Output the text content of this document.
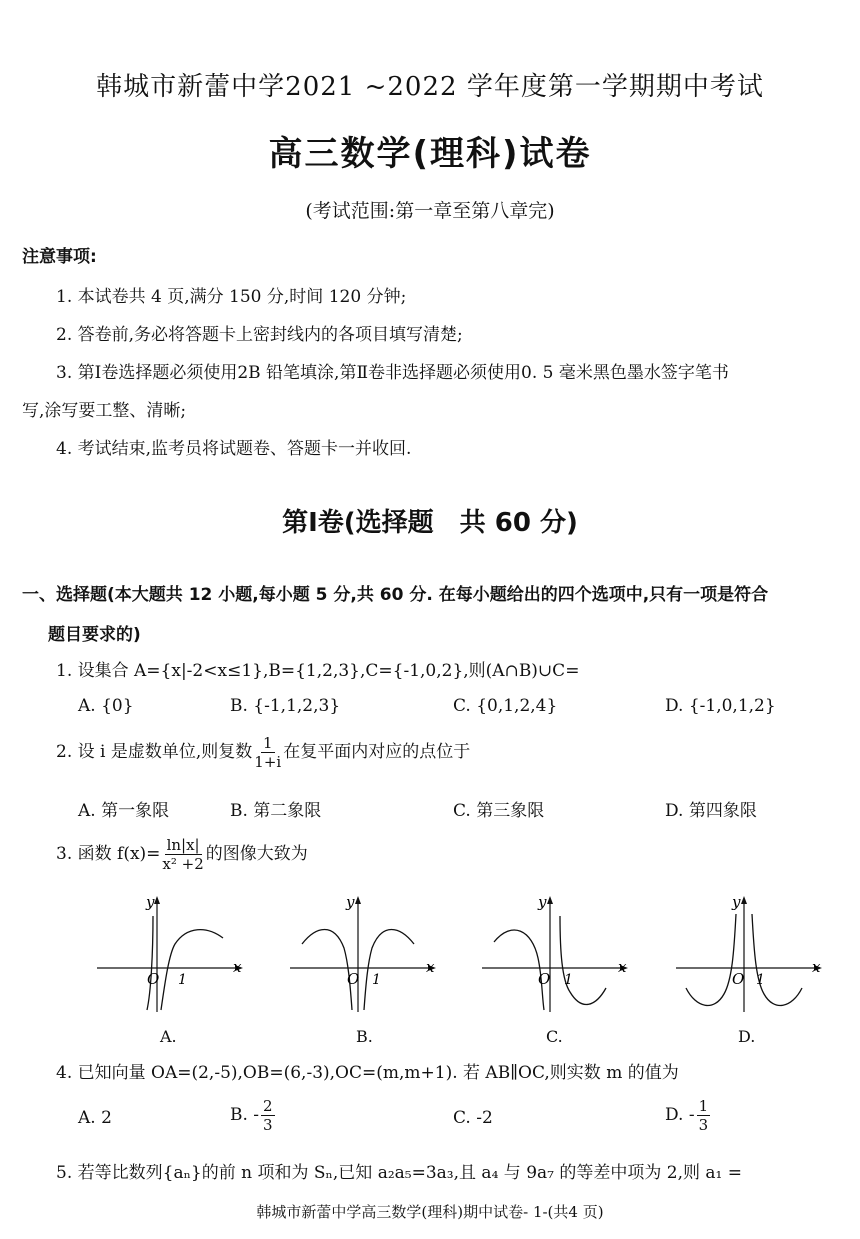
韩城市新蕾中学2021 ~2022 学年度第一学期期中考试
高三数学(理科)试卷
(考试范围:第一章至第八章完)
注意事项:
1. 本试卷共 4 页,满分 150 分,时间 120 分钟;
2. 答卷前,务必将答题卡上密封线内的各项目填写清楚;
3. 第Ⅰ卷选择题必须使用2B 铅笔填涂,第Ⅱ卷非选择题必须使用0. 5 毫米黑色墨水签字笔书
写,涂写要工整、清晰;
4. 考试结束,监考员将试题卷、答题卡一并收回.
第Ⅰ卷(选择题　共 60 分)
一、选择题(本大题共 12 小题,每小题 5 分,共 60 分. 在每小题给出的四个选项中,只有一项是符合
题目要求的)
1. 设集合 A={x|-2<x≤1},B={1,2,3},C={-1,0,2},则(A∩B)∪C=
A. {0}	B. {-1,1,2,3}	C. {0,1,2,4}	D. {-1,0,1,2}
2. 设 i 是虚数单位,则复数 $\frac{1}{1+i}$ 在复平面内对应的点位于
A. 第一象限	B. 第二象限	C. 第三象限	D. 第四象限
3. 函数 $f(x)= \frac{\ln|x|}{\text{x² +2}}$ 的图像大致为
y
x
O 1
A.
y
x
O 1
B.
y
x
O 1
C.
y
x
O 1
D.
4. 已知向量 OA=(2,-5),OB=(6,-3),OC=(m,m+1). 若 AB∥OC,则实数 m 的值为
A. 2	B. - $\frac{2}{3}$	C. -2	D. - $\frac{1}{3}$
5. 若等比数列{aₙ}的前 n 项和为 Sₙ,已知 a₂a₅=3a₃,且 a₄ 与 9a₇ 的等差中项为 2,则 a₁ =
韩城市新蕾中学高三数学(理科)期中试卷- 1-(共4 页)
